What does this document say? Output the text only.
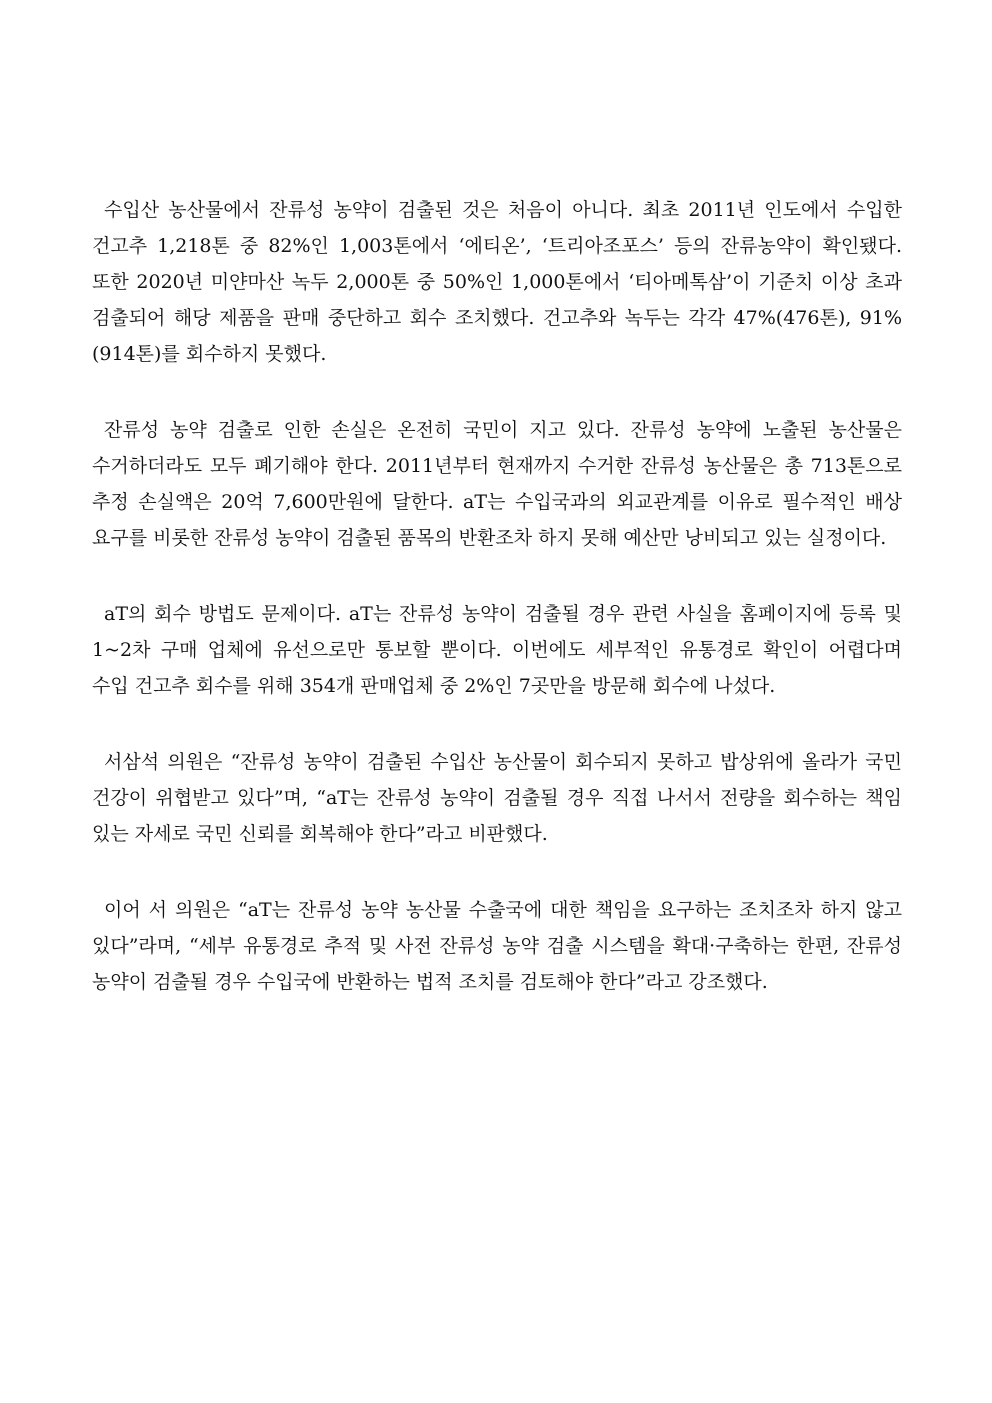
수입산 농산물에서 잔류성 농약이 검출된 것은 처음이 아니다. 최초 2011년 인도에서 수입한 건고추 1,218톤 중 82%인 1,003톤에서 ‘에티온’, ‘트리아조포스’ 등의 잔류농약이 확인됐다. 또한 2020년 미얀마산 녹두 2,000톤 중 50%인 1,000톤에서 ‘티아메톡삼’이 기준치 이상 초과 검출되어 해당 제품을 판매 중단하고 회수 조치했다. 건고추와 녹두는 각각 47%(476톤), 91%(914톤)를 회수하지 못했다.

잔류성 농약 검출로 인한 손실은 온전히 국민이 지고 있다. 잔류성 농약에 노출된 농산물은 수거하더라도 모두 폐기해야 한다. 2011년부터 현재까지 수거한 잔류성 농산물은 총 713톤으로 추정 손실액은 20억 7,600만원에 달한다. aT는 수입국과의 외교관계를 이유로 필수적인 배상 요구를 비롯한 잔류성 농약이 검출된 품목의 반환조차 하지 못해 예산만 낭비되고 있는 실정이다.

aT의 회수 방법도 문제이다. aT는 잔류성 농약이 검출될 경우 관련 사실을 홈페이지에 등록 및 1~2차 구매 업체에 유선으로만 통보할 뿐이다. 이번에도 세부적인 유통경로 확인이 어렵다며 수입 건고추 회수를 위해 354개 판매업체 중 2%인 7곳만을 방문해 회수에 나섰다.

서삼석 의원은 “잔류성 농약이 검출된 수입산 농산물이 회수되지 못하고 밥상위에 올라가 국민 건강이 위협받고 있다”며, “aT는 잔류성 농약이 검출될 경우 직접 나서서 전량을 회수하는 책임 있는 자세로 국민 신뢰를 회복해야 한다”라고 비판했다.

이어 서 의원은 “aT는 잔류성 농약 농산물 수출국에 대한 책임을 요구하는 조치조차 하지 않고 있다”라며, “세부 유통경로 추적 및 사전 잔류성 농약 검출 시스템을 확대·구축하는 한편, 잔류성 농약이 검출될 경우 수입국에 반환하는 법적 조치를 검토해야 한다”라고 강조했다.
